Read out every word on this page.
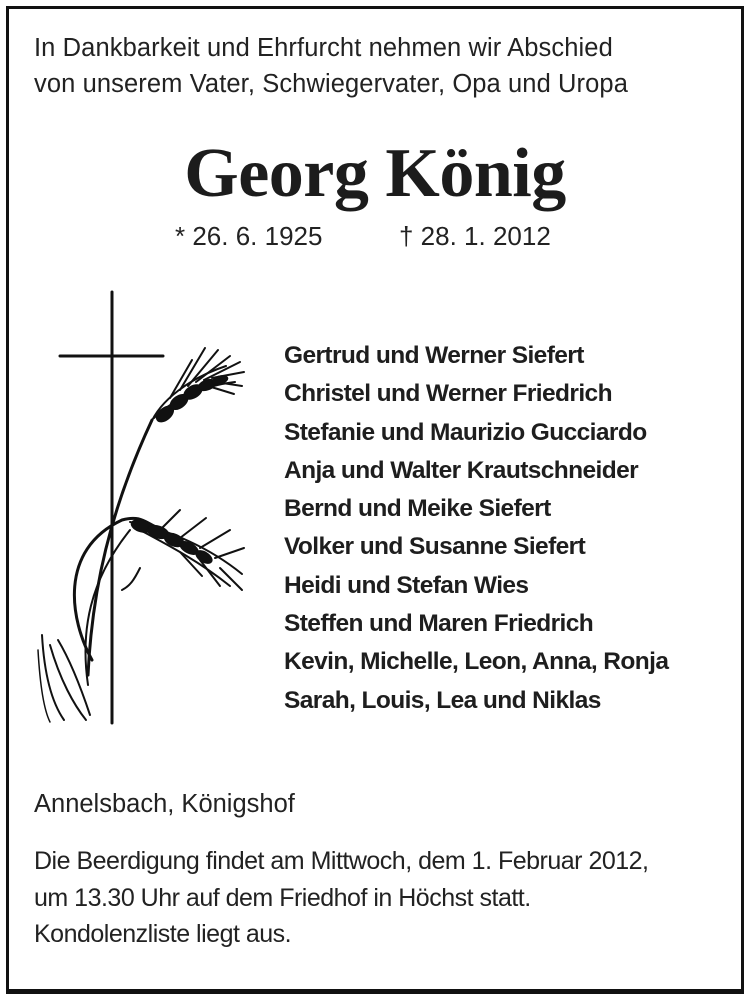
In Dankbarkeit und Ehrfurcht nehmen wir Abschied
von unserem Vater, Schwiegervater, Opa und Uropa
Georg König
* 26. 6. 1925	† 28. 1. 2012
Gertrud und Werner Siefert
Christel und Werner Friedrich
Stefanie und Maurizio Gucciardo
Anja und Walter Krautschneider
Bernd und Meike Siefert
Volker und Susanne Siefert
Heidi und Stefan Wies
Steffen und Maren Friedrich
Kevin, Michelle, Leon, Anna, Ronja
Sarah, Louis, Lea und Niklas
Annelsbach, Königshof
Die Beerdigung findet am Mittwoch, dem 1. Februar 2012,
um 13.30 Uhr auf dem Friedhof in Höchst statt.
Kondolenzliste liegt aus.
